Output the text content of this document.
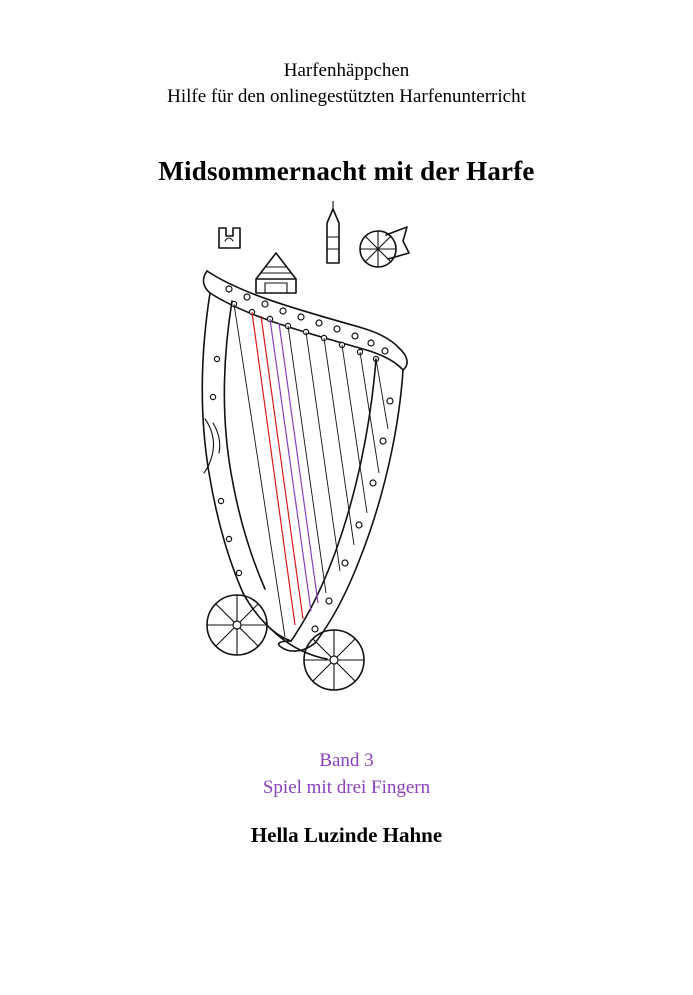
Harfenhäppchen
Hilfe für den onlinegestützten Harfenunterricht
Midsommernacht mit der Harfe
Band 3
Spiel mit drei Fingern
Hella Luzinde Hahne
